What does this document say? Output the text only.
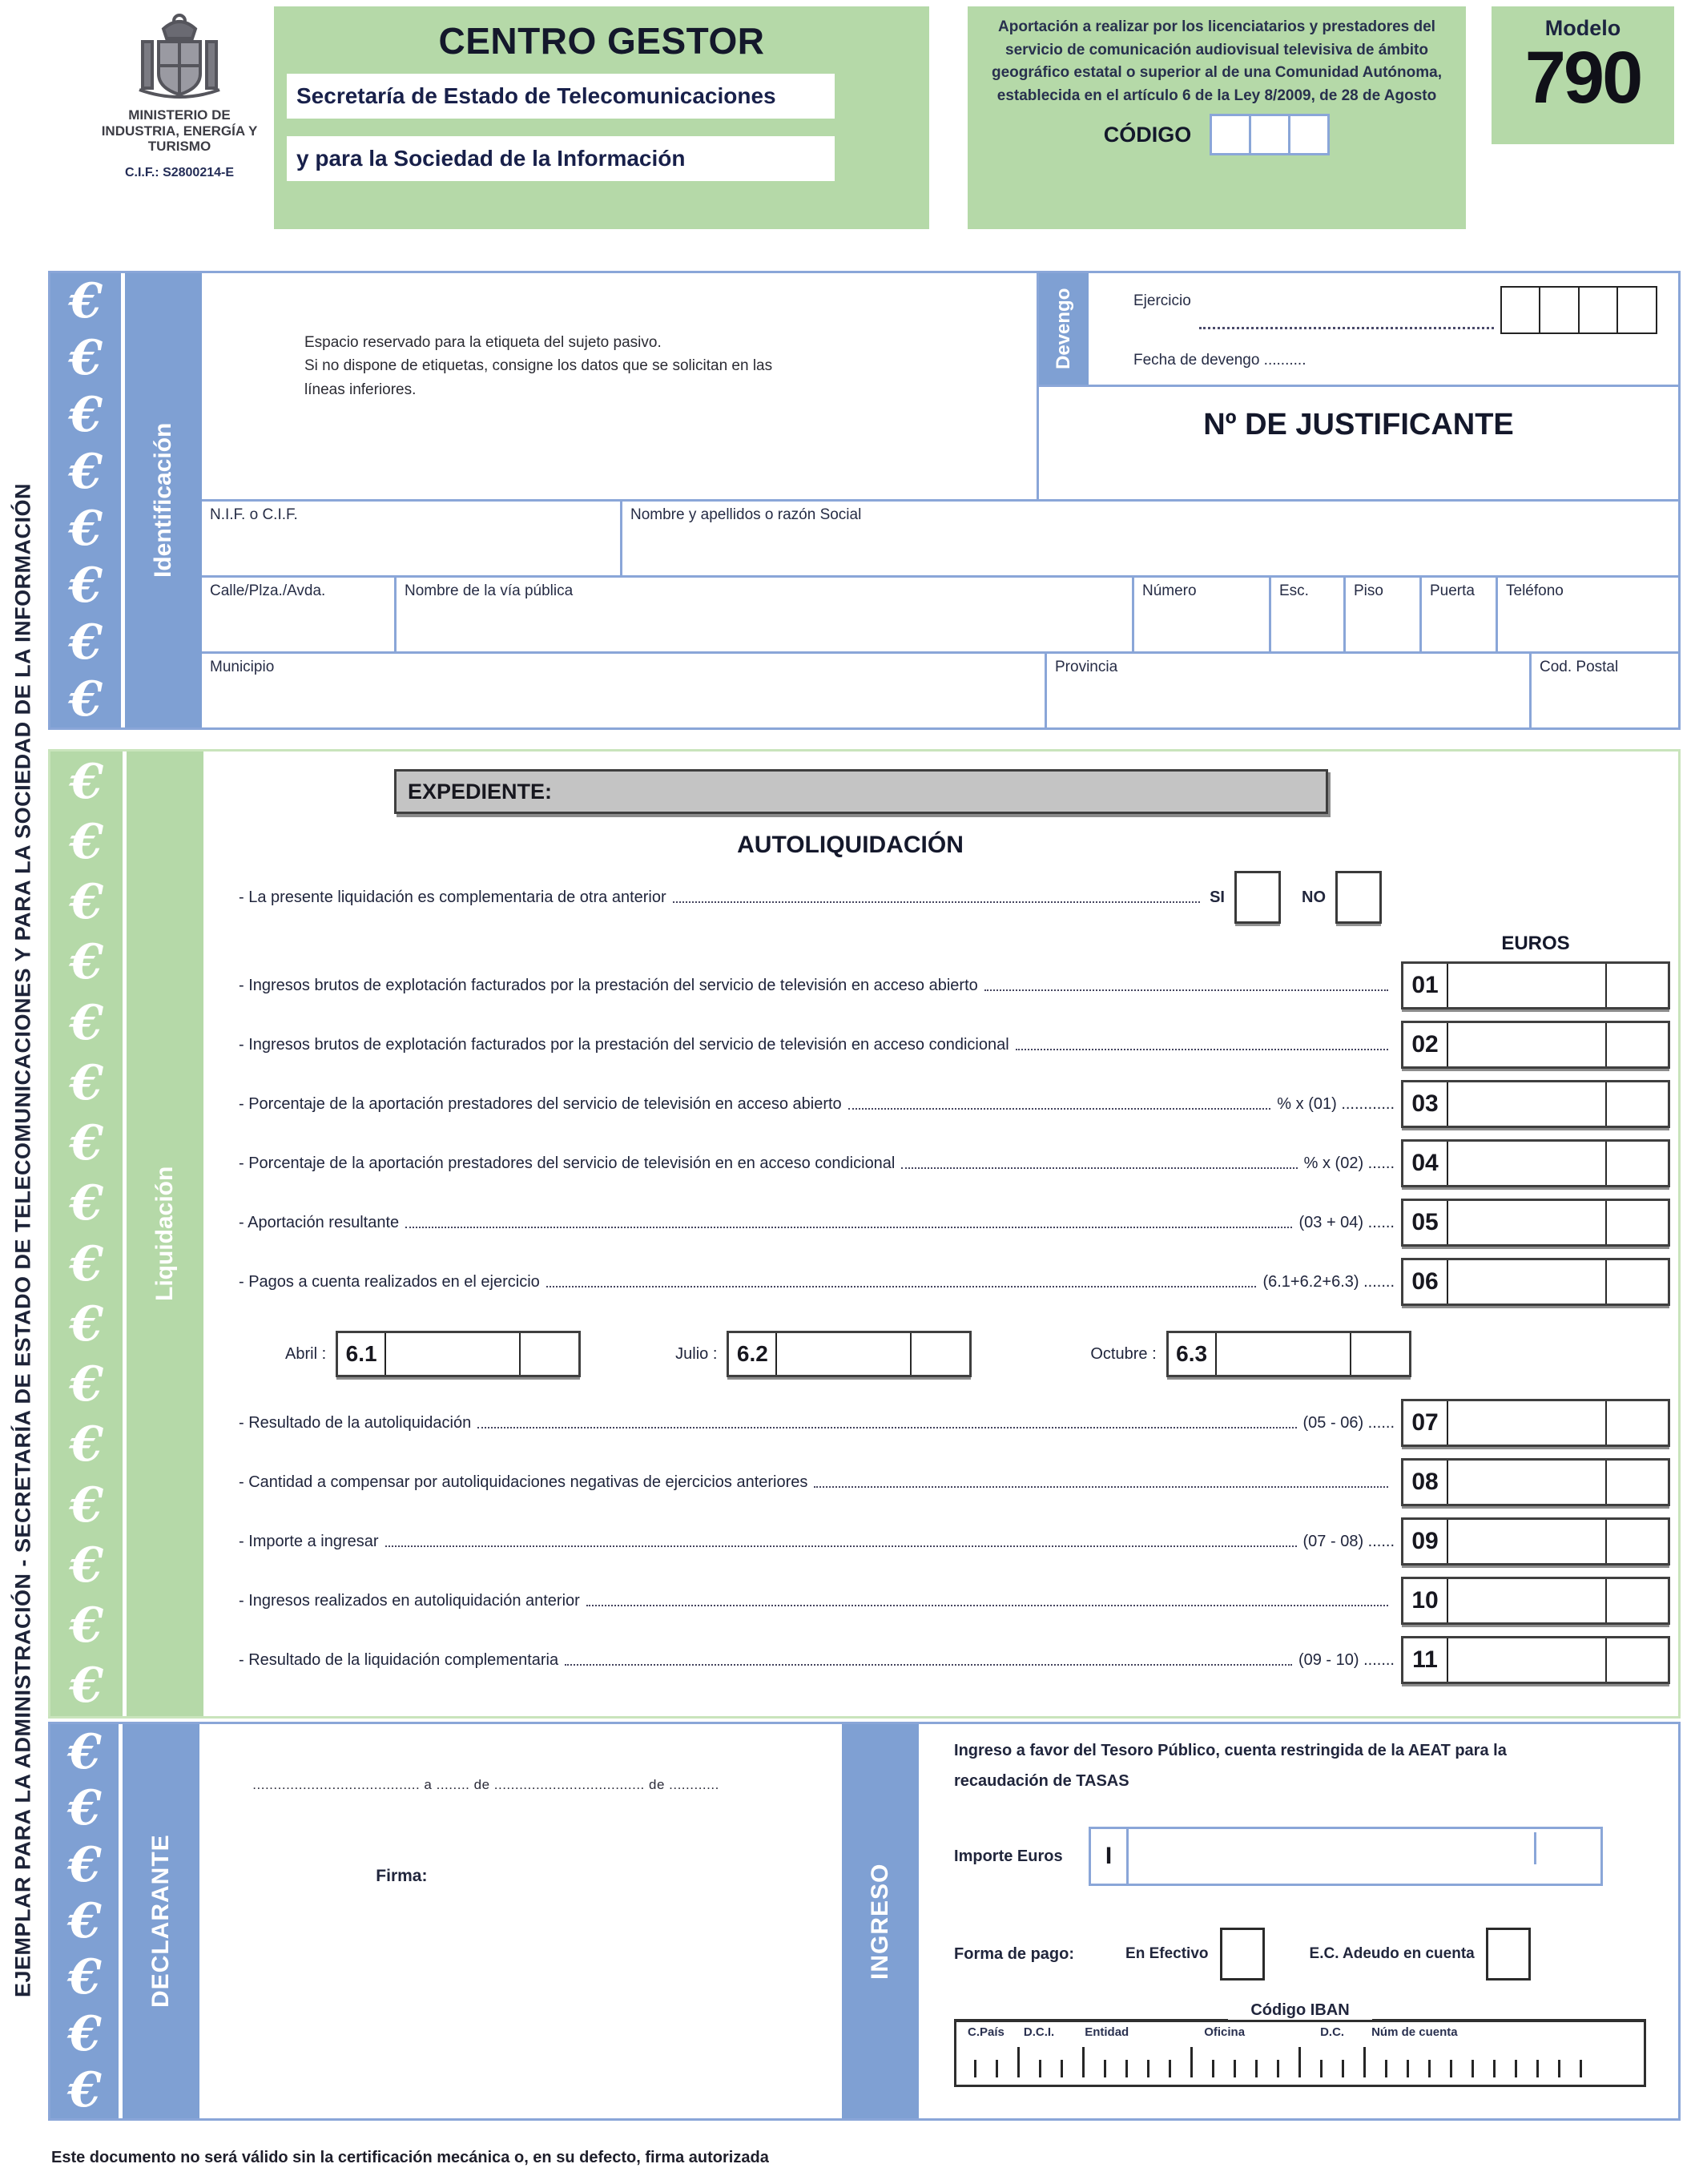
EJEMPLAR PARA LA ADMINISTRACIÓN - SECRETARÍA DE ESTADO DE TELECOMUNICACIONES Y PARA LA SOCIEDAD DE LA INFORMACIÓN
MINISTERIO DE INDUSTRIA, ENERGÍA Y TURISMO
C.I.F.: S2800214-E
CENTRO GESTOR
Secretaría de Estado de Telecomunicaciones
y para la Sociedad de la Información
Aportación a realizar por los licenciatarios y prestadores del servicio de comunicación audiovisual televisiva de ámbito geográfico estatal o superior al de una Comunidad Autónoma, establecida en el artículo 6 de la Ley 8/2009, de 28 de Agosto
CÓDIGO
Modelo
790
€
€
€
€
€
€
€
€
Identificación
Espacio reservado para la etiqueta del sujeto pasivo.
Si no dispone de etiquetas, consigne los datos que se solicitan en las
líneas inferiores.
Devengo	Ejercicio
Fecha de devengo ..........
Nº DE JUSTIFICANTE
N.I.F. o C.I.F.	Nombre y apellidos o razón Social
Calle/Plza./Avda.	Nombre de la vía pública	Número	Esc.	Piso	Puerta	Teléfono
Municipio	Provincia	Cod. Postal
€
€
€
€
€
€
€
€
€
€
€
€
€
€
€
€
Liquidación
EXPEDIENTE:
AUTOLIQUIDACIÓN
- La presente liquidación es complementaria de otra anterior	SI	NO
EUROS
- Ingresos brutos de explotación facturados por la prestación del servicio de televisión en acceso abierto	01
- Ingresos brutos de explotación facturados por la prestación del servicio de televisión en acceso condicional	02
- Porcentaje de la aportación prestadores del servicio de televisión en acceso abierto	% x (01) ............ 03
- Porcentaje de la aportación prestadores del servicio de televisión en en acceso condicional	% x (02) ...... 04
- Aportación resultante	(03 + 04) ...... 05
- Pagos a cuenta realizados en el ejercicio	(6.1+6.2+6.3) ....... 06
Abril : 6.1	Julio : 6.2	Octubre : 6.3
- Resultado de la autoliquidación	(05 - 06) ...... 07
- Cantidad a compensar por autoliquidaciones negativas de ejercicios anteriores	08
- Importe a ingresar	(07 - 08) ...... 09
- Ingresos realizados en autoliquidación anterior	10
- Resultado de la liquidación complementaria	(09 - 10) ....... 11
€
€
€
€
€
€
€
DECLARANTE
........................................ a ........ de .................................... de ............
Firma:	INGRESO
Ingreso a favor del Tesoro Público, cuenta restringida de la AEAT para la recaudación de TASAS
Importe Euros	I
Forma de pago:	En Efectivo	E.C. Adeudo en cuenta
Código IBAN
C.País D.C.I.	Entidad	Oficina	D.C. Núm de cuenta
Este documento no será válido sin la certificación mecánica o, en su defecto, firma autorizada
